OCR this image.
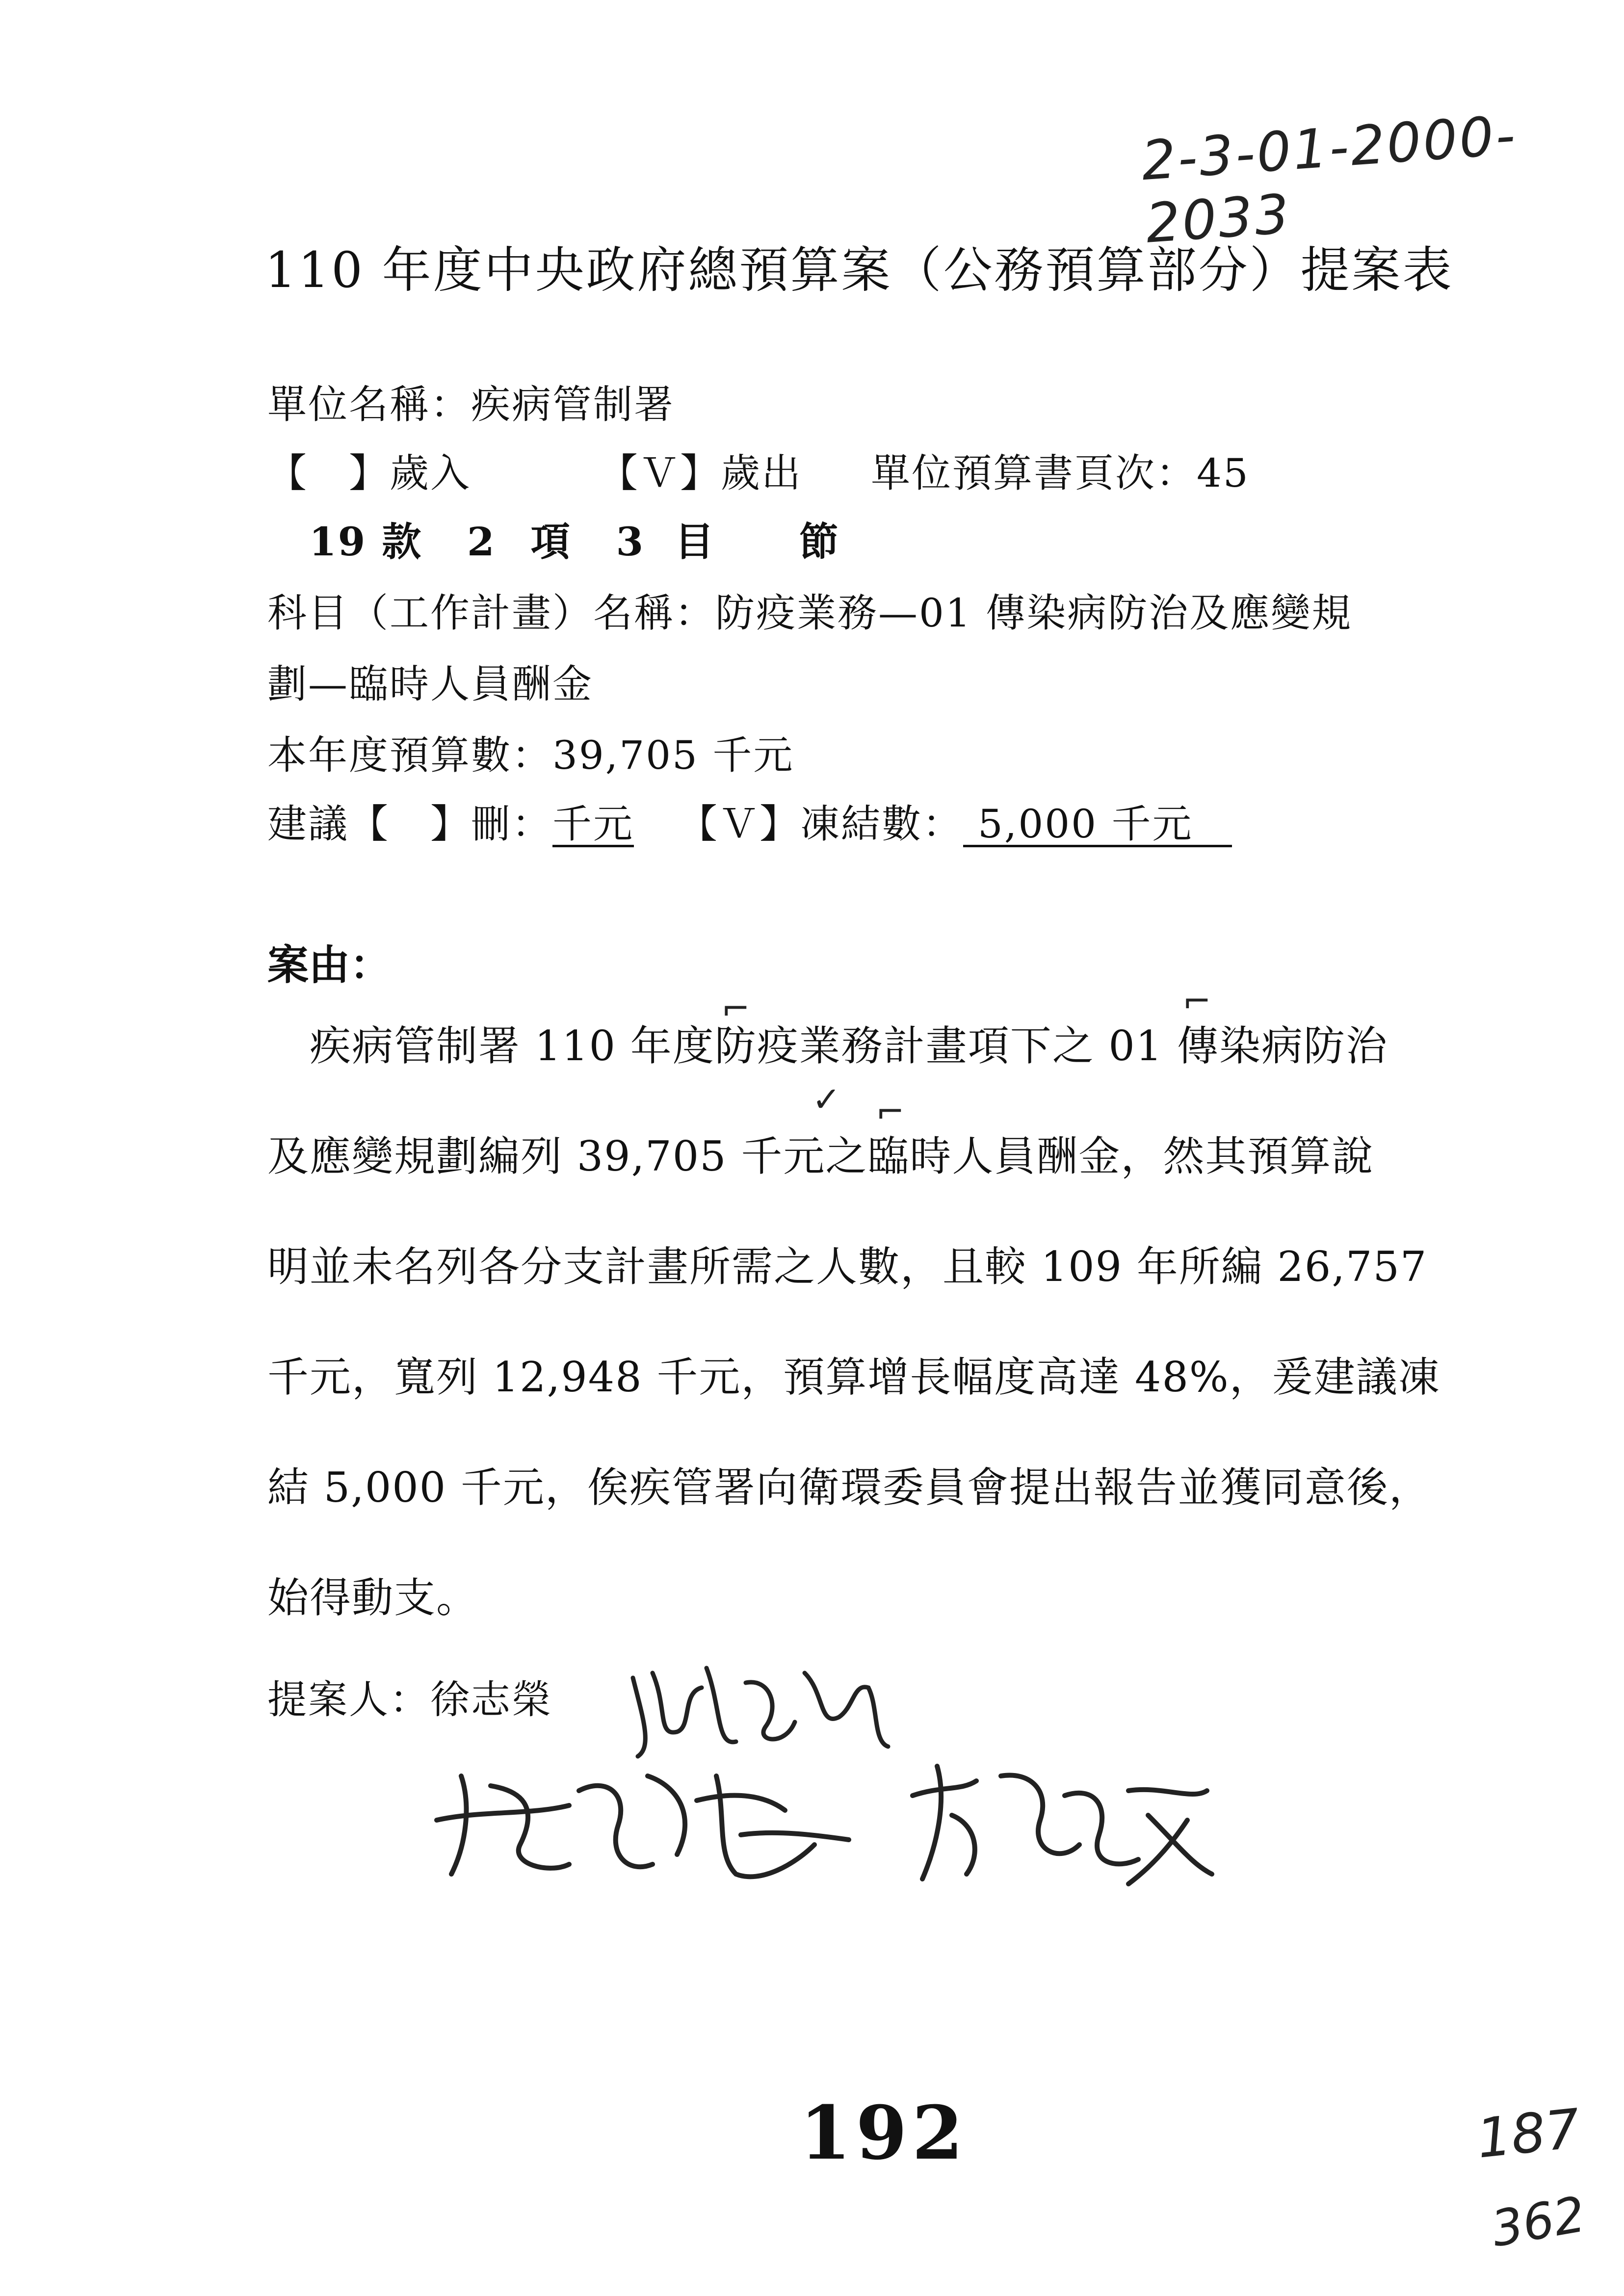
2-3-01-2000-2033
110 年度中央政府總預算案（公務預算部分）提案表
單位名稱：疾病管制署
【　】歲入	【Ｖ】歲出 單位預算書頁次：45
19 款 2 項 3 目 節
科目（工作計畫）名稱：防疫業務—01 傳染病防治及應變規
劃—臨時人員酬金
本年度預算數：39,705 千元
建議【　】刪：千元 【Ｖ】凍結數： 5,000 千元
案由：
　疾病管制署 110 年度防疫業務計畫項下之 01 傳染病防治
及應變規劃編列 39,705 千元之臨時人員酬金，然其預算說
明並未名列各分支計畫所需之人數，且較 109 年所編 26,757
千元，寬列 12,948 千元，預算增長幅度高達 48%，爰建議凍
結 5,000 千元，俟疾管署向衛環委員會提出報告並獲同意後，
始得動支。
⌐	⌐
✓ ⌐
提案人：徐志榮
192	187
362
